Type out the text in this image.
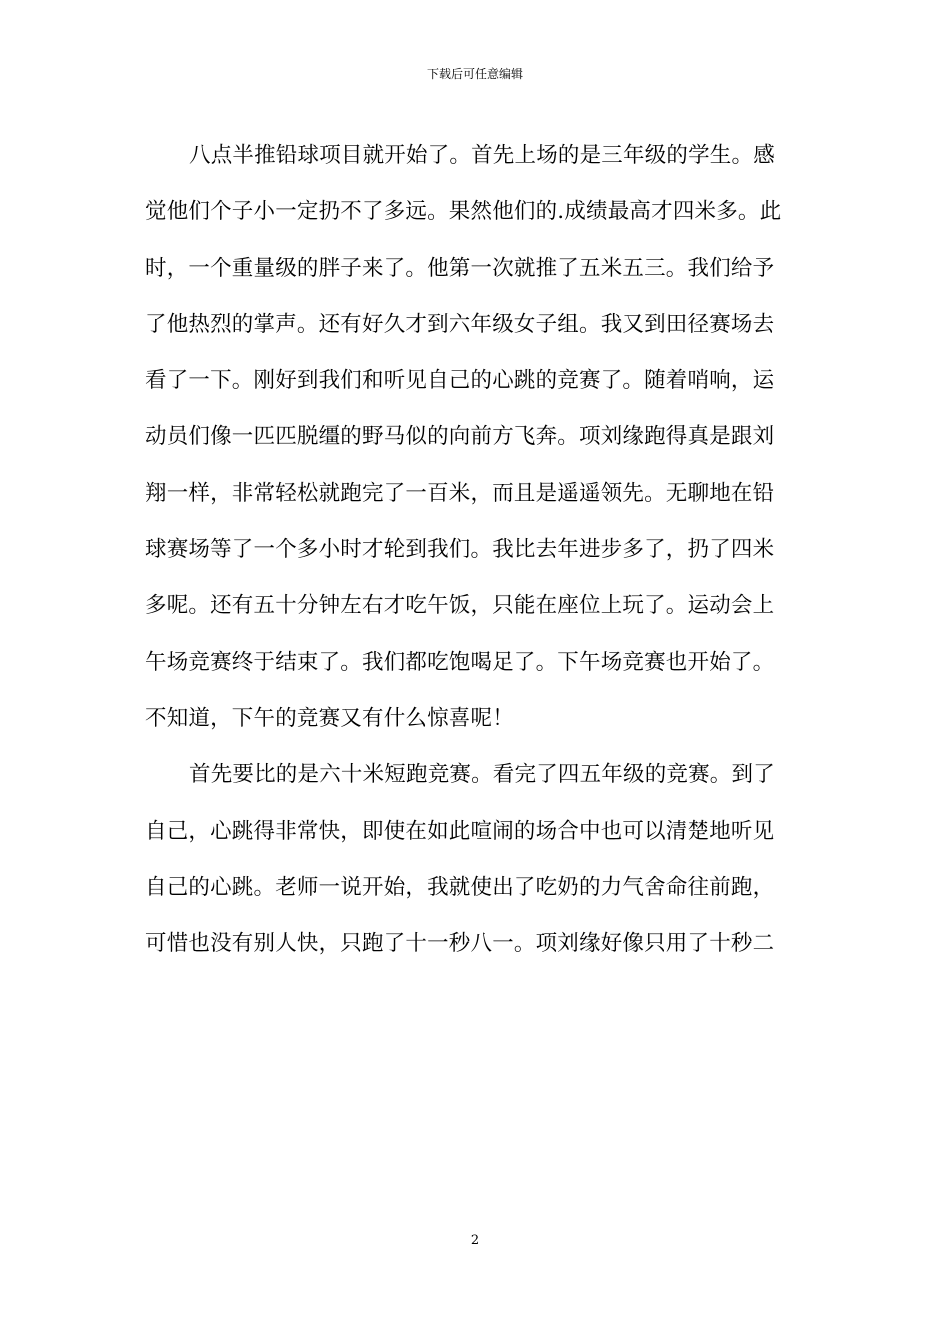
下载后可任意编辑
八点半推铅球项目就开始了。首先上场的是三年级的学生。感
觉他们个子小一定扔不了多远。果然他们的.成绩最高才四米多。此
时，一个重量级的胖子来了。他第一次就推了五米五三。我们给予
了他热烈的掌声。还有好久才到六年级女子组。我又到田径赛场去
看了一下。刚好到我们和听见自己的心跳的竞赛了。随着哨响，运
动员们像一匹匹脱缰的野马似的向前方飞奔。项刘缘跑得真是跟刘
翔一样，非常轻松就跑完了一百米，而且是遥遥领先。无聊地在铅
球赛场等了一个多小时才轮到我们。我比去年进步多了，扔了四米
多呢。还有五十分钟左右才吃午饭，只能在座位上玩了。运动会上
午场竞赛终于结束了。我们都吃饱喝足了。下午场竞赛也开始了。
不知道，下午的竞赛又有什么惊喜呢！
首先要比的是六十米短跑竞赛。看完了四五年级的竞赛。到了
自己，心跳得非常快，即使在如此喧闹的场合中也可以清楚地听见
自己的心跳。老师一说开始，我就使出了吃奶的力气舍命往前跑，
可惜也没有别人快，只跑了十一秒八一。项刘缘好像只用了十秒二
2
